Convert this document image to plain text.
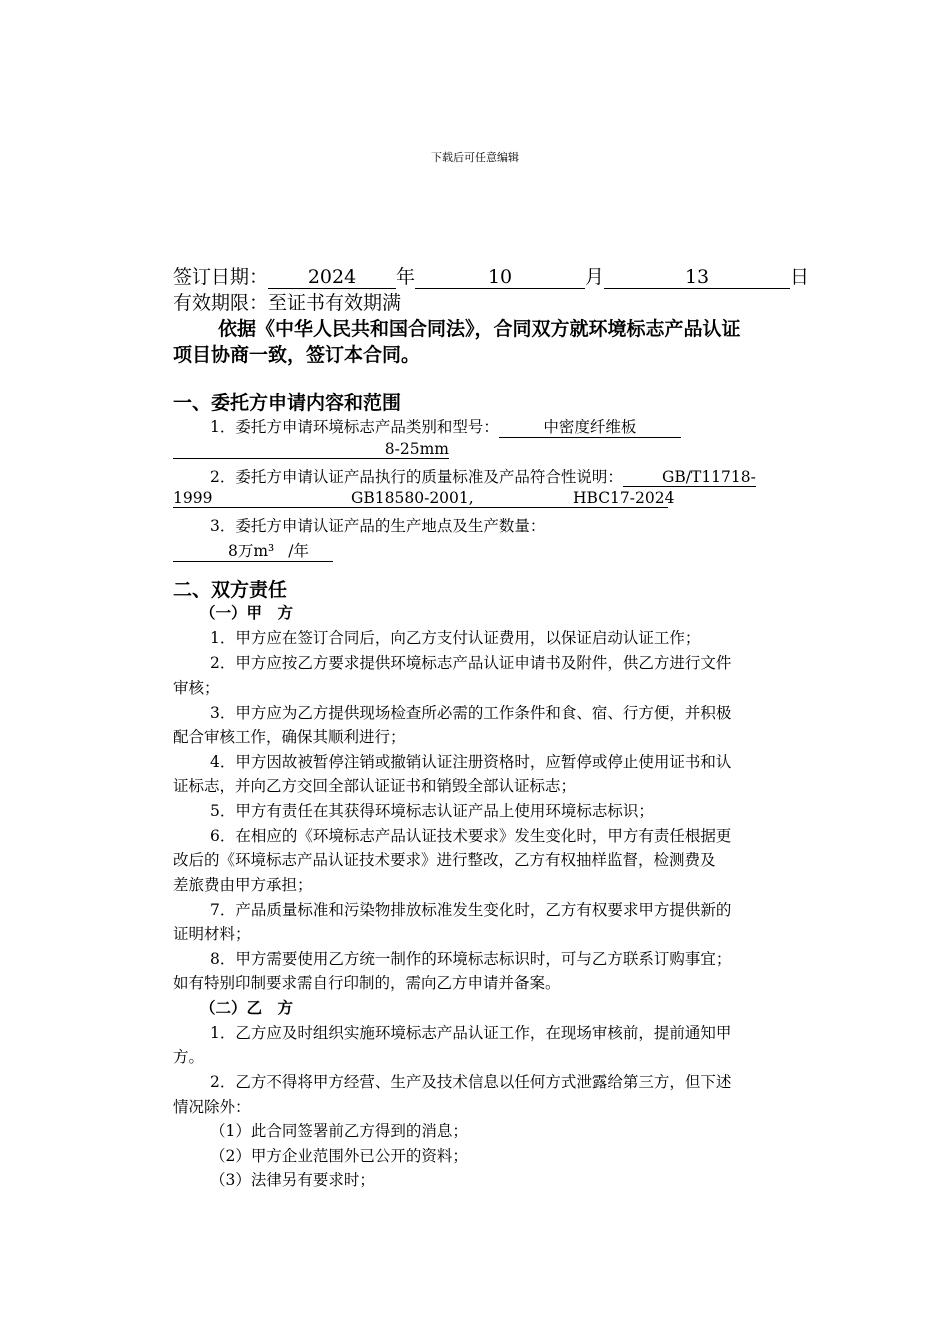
下载后可任意编辑
签订日期： 2024 年	10	月	13	日
有效期限：至证书有效期满
依据《中华人民共和国合同法》，合同双方就环境标志产品认证
项目协商一致，签订本合同。
一、委托方申请内容和范围
1．委托方申请环境标志产品类别和型号：	中密度纤维板
8-25mm
2．委托方申请认证产品执行的质量标准及产品符合性说明：	GB/T11718-
1999	GB18580-2001,	HBC17-2024
3．委托方申请认证产品的生产地点及生产数量：
8万m³ /年
二、双方责任
（一）甲　方
1．甲方应在签订合同后，向乙方支付认证费用，以保证启动认证工作；
2．甲方应按乙方要求提供环境标志产品认证申请书及附件，供乙方进行文件
审核；
3．甲方应为乙方提供现场检查所必需的工作条件和食、宿、行方便，并积极
配合审核工作，确保其顺利进行；
4．甲方因故被暂停注销或撤销认证注册资格时，应暂停或停止使用证书和认
证标志，并向乙方交回全部认证证书和销毁全部认证标志；
5．甲方有责任在其获得环境标志认证产品上使用环境标志标识；
6．在相应的《环境标志产品认证技术要求》发生变化时，甲方有责任根据更
改后的《环境标志产品认证技术要求》进行整改，乙方有权抽样监督，检测费及
差旅费由甲方承担；
7．产品质量标准和污染物排放标准发生变化时，乙方有权要求甲方提供新的
证明材料；
8．甲方需要使用乙方统一制作的环境标志标识时，可与乙方联系订购事宜；
如有特别印制要求需自行印制的，需向乙方申请并备案。
（二）乙　方
1．乙方应及时组织实施环境标志产品认证工作，在现场审核前，提前通知甲
方。
2．乙方不得将甲方经营、生产及技术信息以任何方式泄露给第三方，但下述
情况除外：
（1）此合同签署前乙方得到的消息；
（2）甲方企业范围外已公开的资料；
（3）法律另有要求时；
